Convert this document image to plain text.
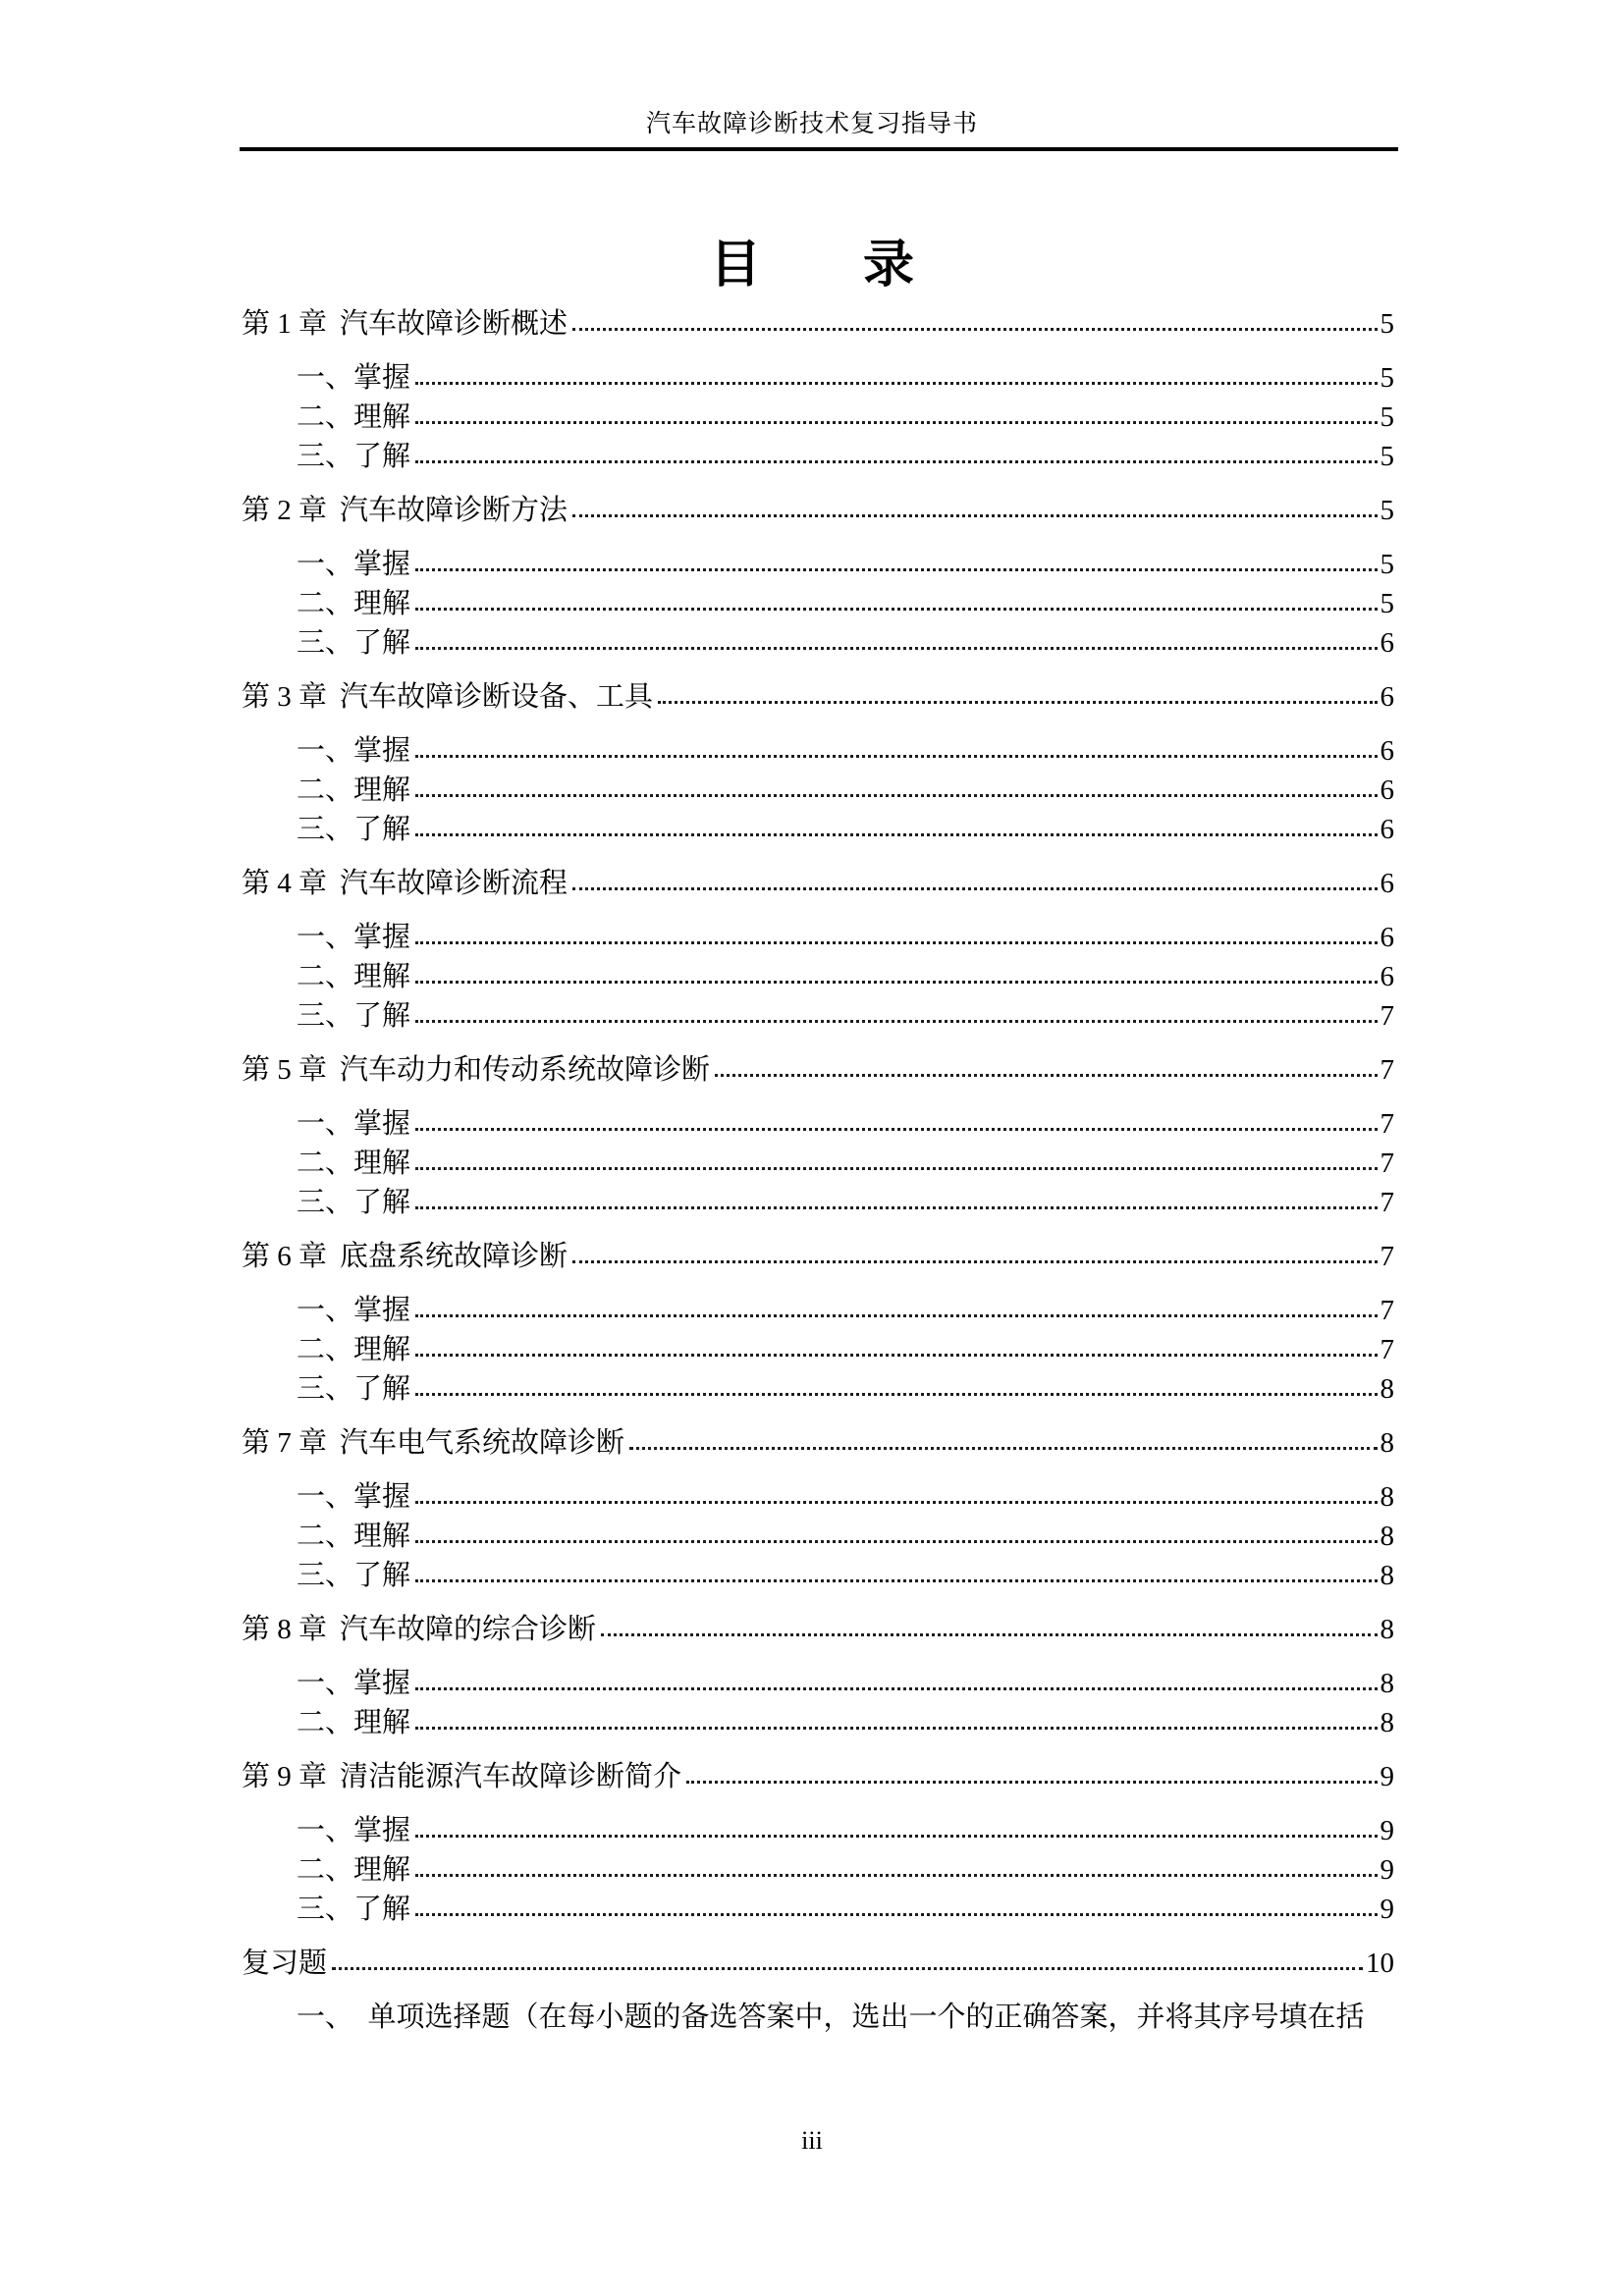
汽车故障诊断技术复习指导书
目　　录
第 1 章 汽车故障诊断概述	5
一、掌握	5
二、理解	5
三、了解	5
第 2 章 汽车故障诊断方法	5
一、掌握	5
二、理解	5
三、了解	6
第 3 章 汽车故障诊断设备、工具	6
一、掌握	6
二、理解	6
三、了解	6
第 4 章 汽车故障诊断流程	6
一、掌握	6
二、理解	6
三、了解	7
第 5 章 汽车动力和传动系统故障诊断	7
一、掌握	7
二、理解	7
三、了解	7
第 6 章 底盘系统故障诊断	7
一、掌握	7
二、理解	7
三、了解	8
第 7 章 汽车电气系统故障诊断	8
一、掌握	8
二、理解	8
三、了解	8
第 8 章 汽车故障的综合诊断	8
一、掌握	8
二、理解	8
第 9 章 清洁能源汽车故障诊断简介	9
一、掌握	9
二、理解	9
三、了解	9
复习题	10
一、　单项选择题（在每小题的备选答案中，选出一个的正确答案，并将其序号填在括
iii
